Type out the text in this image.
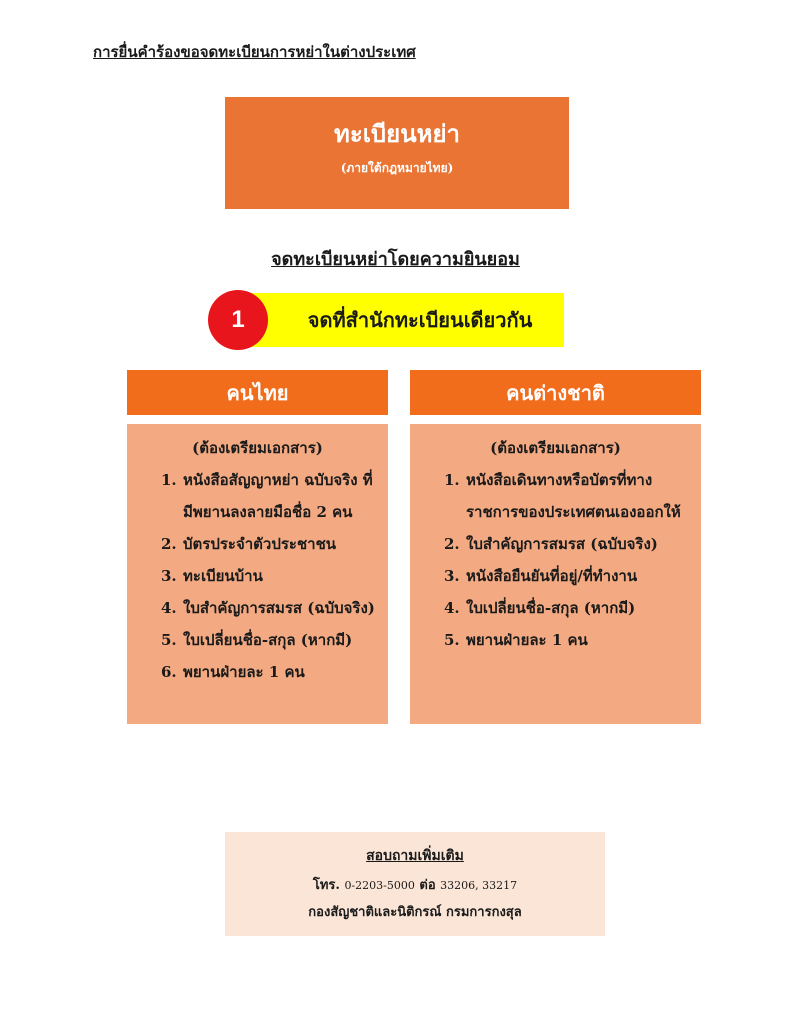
การยื่นคำร้องขอจดทะเบียนการหย่าในต่างประเทศ
ทะเบียนหย่า
(ภายใต้กฎหมายไทย)
จดทะเบียนหย่าโดยความยินยอม
จดที่สำนักทะเบียนเดียวกัน
1
คนไทย
(ต้องเตรียมเอกสาร)
1. หนังสือสัญญาหย่า ฉบับจริง ที่มีพยานลงลายมือชื่อ 2 คน
2. บัตรประจำตัวประชาชน
3. ทะเบียนบ้าน
4. ใบสำคัญการสมรส (ฉบับจริง)
5. ใบเปลี่ยนชื่อ-สกุล (หากมี)
6. พยานฝ่ายละ 1 คน
คนต่างชาติ
(ต้องเตรียมเอกสาร)
1. หนังสือเดินทางหรือบัตรที่ทางราชการของประเทศตนเองออกให้
2. ใบสำคัญการสมรส (ฉบับจริง)
3. หนังสือยืนยันที่อยู่/ที่ทำงาน
4. ใบเปลี่ยนชื่อ-สกุล (หากมี)
5. พยานฝ่ายละ 1 คน
สอบถามเพิ่มเติม
โทร. 0-2203-5000 ต่อ 33206, 33217
กองสัญชาติและนิติกรณ์ กรมการกงสุล
